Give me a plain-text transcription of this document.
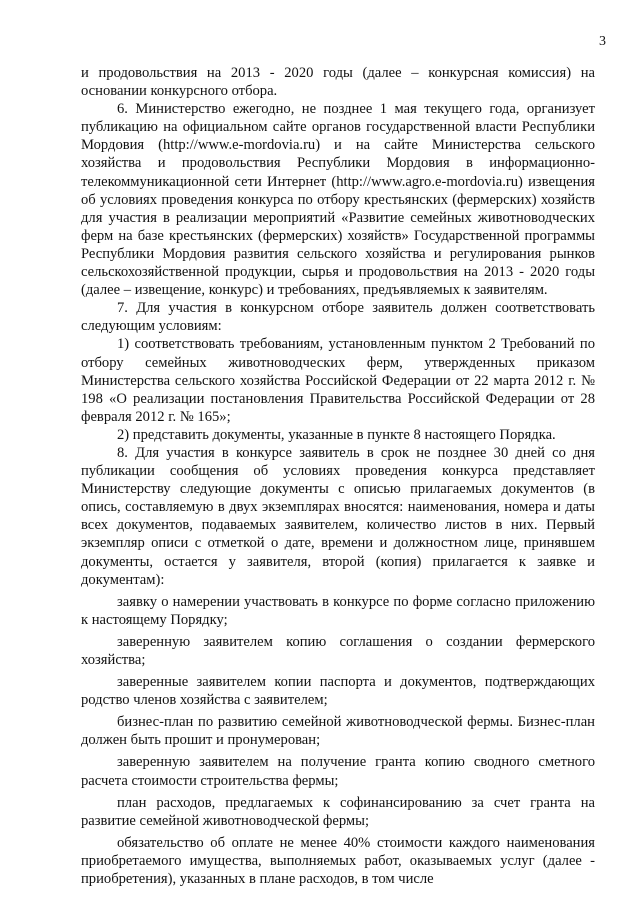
3

и продовольствия на 2013 - 2020 годы (далее – конкурсная комиссия) на основании конкурсного отбора.

6. Министерство ежегодно, не позднее 1 мая текущего года, организует публикацию на официальном сайте органов государственной власти Республики Мордовия (http://www.e-mordovia.ru) и на сайте Министерства сельского хозяйства и продовольствия Республики Мордовия в информационно-телекоммуникационной сети Интернет (http://www.agro.e-mordovia.ru) извещения об условиях проведения конкурса по отбору крестьянских (фермерских) хозяйств для участия в реализации мероприятий «Развитие семейных животноводческих ферм на базе крестьянских (фермерских) хозяйств» Государственной программы Республики Мордовия развития сельского хозяйства и регулирования рынков сельскохозяйственной продукции, сырья и продовольствия на 2013 - 2020 годы (далее – извещение, конкурс) и требованиях, предъявляемых к заявителям.

7. Для участия в конкурсном отборе заявитель должен соответствовать следующим условиям:

1) соответствовать требованиям, установленным пунктом 2 Требований по отбору семейных животноводческих ферм, утвержденных приказом Министерства сельского хозяйства Российской Федерации от 22 марта 2012 г. № 198 «О реализации постановления Правительства Российской Федерации от 28 февраля 2012 г. № 165»;

2) представить документы, указанные в пункте 8 настоящего Порядка.

8. Для участия в конкурсе заявитель в срок не позднее 30 дней со дня публикации сообщения об условиях проведения конкурса представляет Министерству следующие документы с описью прилагаемых документов (в опись, составляемую в двух экземплярах вносятся: наименования, номера и даты всех документов, подаваемых заявителем, количество листов в них. Первый экземпляр описи с отметкой о дате, времени и должностном лице, принявшем документы, остается у заявителя, второй (копия) прилагается к заявке и документам):

заявку о намерении участвовать в конкурсе по форме согласно приложению к настоящему Порядку;

заверенную заявителем копию соглашения о создании фермерского хозяйства;

заверенные заявителем копии паспорта и документов, подтверждающих родство членов хозяйства с заявителем;

бизнес-план по развитию семейной животноводческой фермы. Бизнес-план должен быть прошит и пронумерован;

заверенную заявителем на получение гранта копию сводного сметного расчета стоимости строительства фермы;

план расходов, предлагаемых к софинансированию за счет гранта на развитие семейной животноводческой фермы;

обязательство об оплате не менее 40% стоимости каждого наименования приобретаемого имущества, выполняемых работ, оказываемых услуг (далее - приобретения), указанных в плане расходов, в том числе
